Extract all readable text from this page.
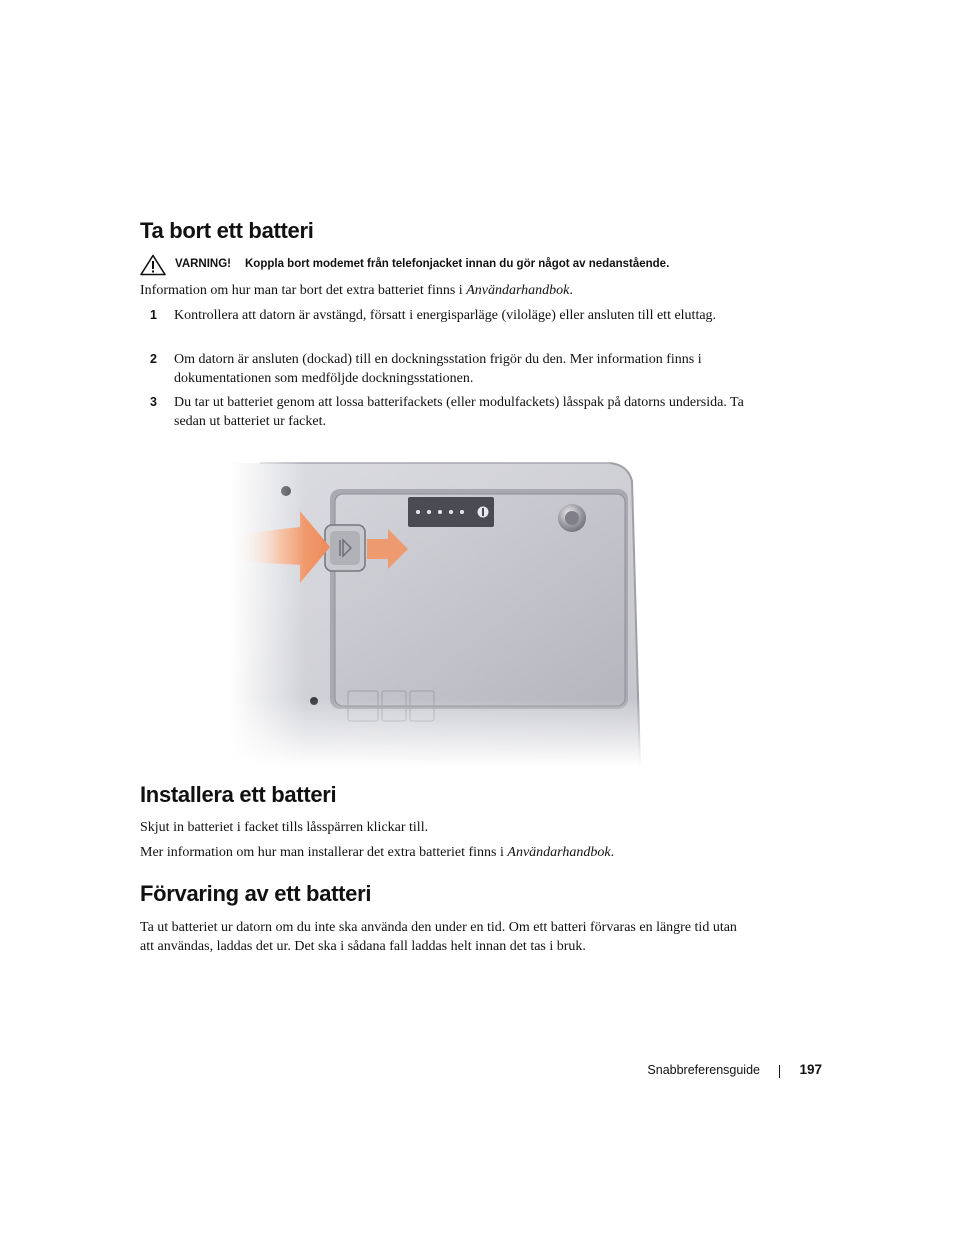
Ta bort ett batteri
VARNING! Koppla bort modemet från telefonjacket innan du gör något av nedanstående.

Information om hur man tar bort det extra batteriet finns i Användarhandbok.

1 Kontrollera att datorn är avstängd, försatt i energisparläge (viloläge) eller ansluten till ett eluttag.
2 Om datorn är ansluten (dockad) till en dockningsstation frigör du den. Mer information finns i dokumentationen som medföljde dockningsstationen.
3 Du tar ut batteriet genom att lossa batterifackets (eller modulfackets) låsspak på datorns undersida. Ta sedan ut batteriet ur facket.
Installera ett batteri

Skjut in batteriet i facket tills låsspärren klickar till.

Mer information om hur man installerar det extra batteriet finns i Användarhandbok.

Förvaring av ett batteri

Ta ut batteriet ur datorn om du inte ska använda den under en tid. Om ett batteri förvaras en längre tid utan att användas, laddas det ur. Det ska i sådana fall laddas helt innan det tas i bruk.

Snabbreferensguide	197
